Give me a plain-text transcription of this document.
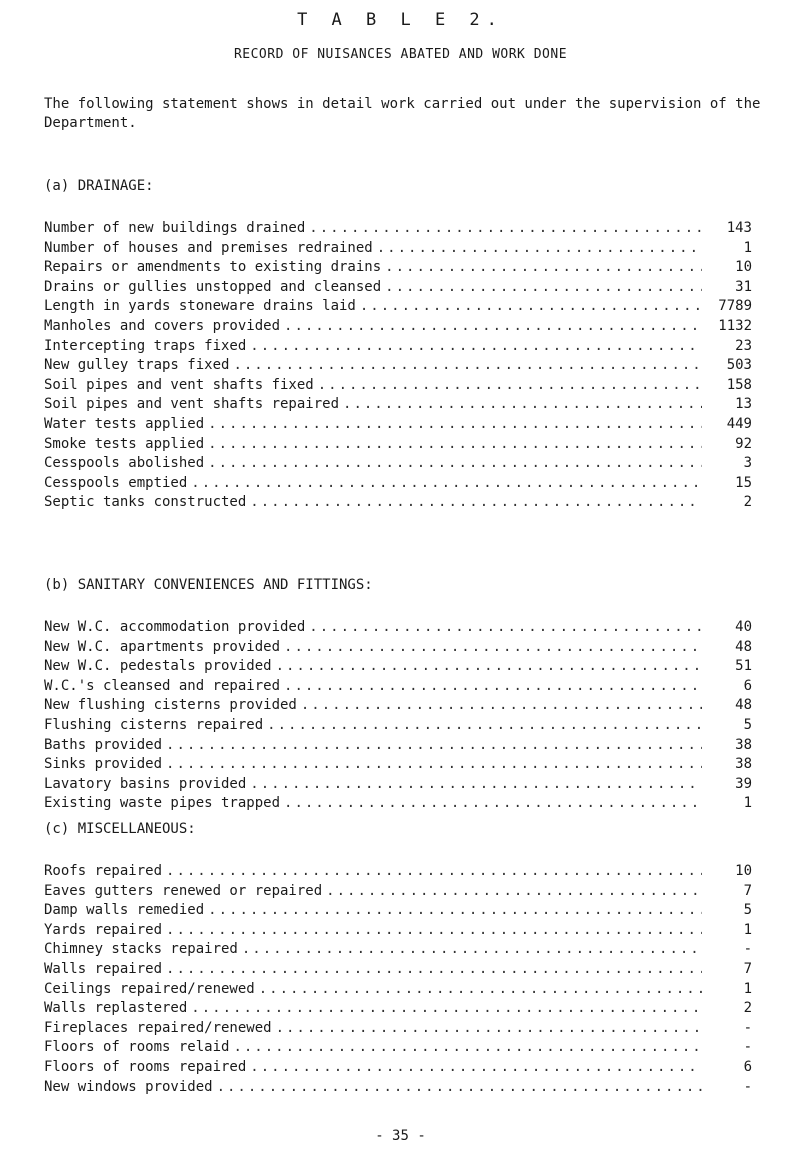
T A B L E 2.
RECORD OF NUISANCES ABATED AND WORK DONE
The following statement shows in detail work carried out under the supervision of the Department.
(a) DRAINAGE:
Number of new buildings drained .....	143
Number of houses and premises redrained .....	1
Repairs or amendments to existing drains .....	10
Drains or gullies unstopped and cleansed .....	31
Length in yards stoneware drains laid .....	7789
Manholes and covers provided .....	1132
Intercepting traps fixed .....	23
New gulley traps fixed .....	503
Soil pipes and vent shafts fixed .....	158
Soil pipes and vent shafts repaired .....	13
Water tests applied .....	449
Smoke tests applied .....	92
Cesspools abolished .....	3
Cesspools emptied .....	15
Septic tanks constructed .....	2
(b) SANITARY CONVENIENCES AND FITTINGS:
New W.C. accommodation provided .....	40
New W.C. apartments provided .....	48
New W.C. pedestals provided .....	51
W.C.'s cleansed and repaired .....	6
New flushing cisterns provided .....	48
Flushing cisterns repaired .....	5
Baths provided .....	38
Sinks provided .....	38
Lavatory basins provided .....	39
Existing waste pipes trapped .....	1
(c) MISCELLANEOUS:
Roofs repaired .....	10
Eaves gutters renewed or repaired .....	7
Damp walls remedied .....	5
Yards repaired .....	1
Chimney stacks repaired .....	-
Walls repaired .....	7
Ceilings repaired/renewed .....	1
Walls replastered .....	2
Fireplaces repaired/renewed .....	-
Floors of rooms relaid .....	-
Floors of rooms repaired .....	6
New windows provided .....	-
- 35 -
